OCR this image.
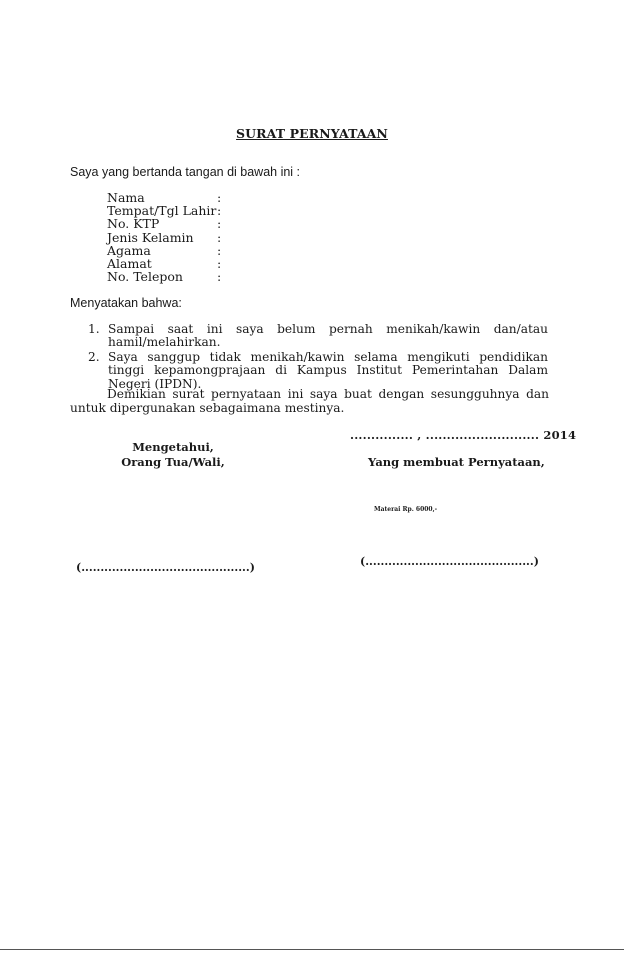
SURAT PERNYATAAN
Saya yang bertanda tangan di bawah ini :
Nama	:
Tempat/Tgl Lahir :
No. KTP	:
Jenis Kelamin	:
Agama	:
Alamat	:
No. Telepon	:
Menyatakan bahwa:
1. Sampai saat ini saya belum pernah menikah/kawin dan/atau hamil/melahirkan.
2. Saya sanggup tidak menikah/kawin selama mengikuti pendidikan tinggi kepamongprajaan di Kampus Institut Pemerintahan Dalam Negeri (IPDN).
Demikian surat pernyataan ini saya buat dengan sesungguhnya dan untuk dipergunakan sebagaimana mestinya.
............... , ........................... 2014
Mengetahui,
Orang Tua/Wali,	Yang membuat Pernyataan,
Materai Rp. 6000,-
(............................................)	(............................................)
